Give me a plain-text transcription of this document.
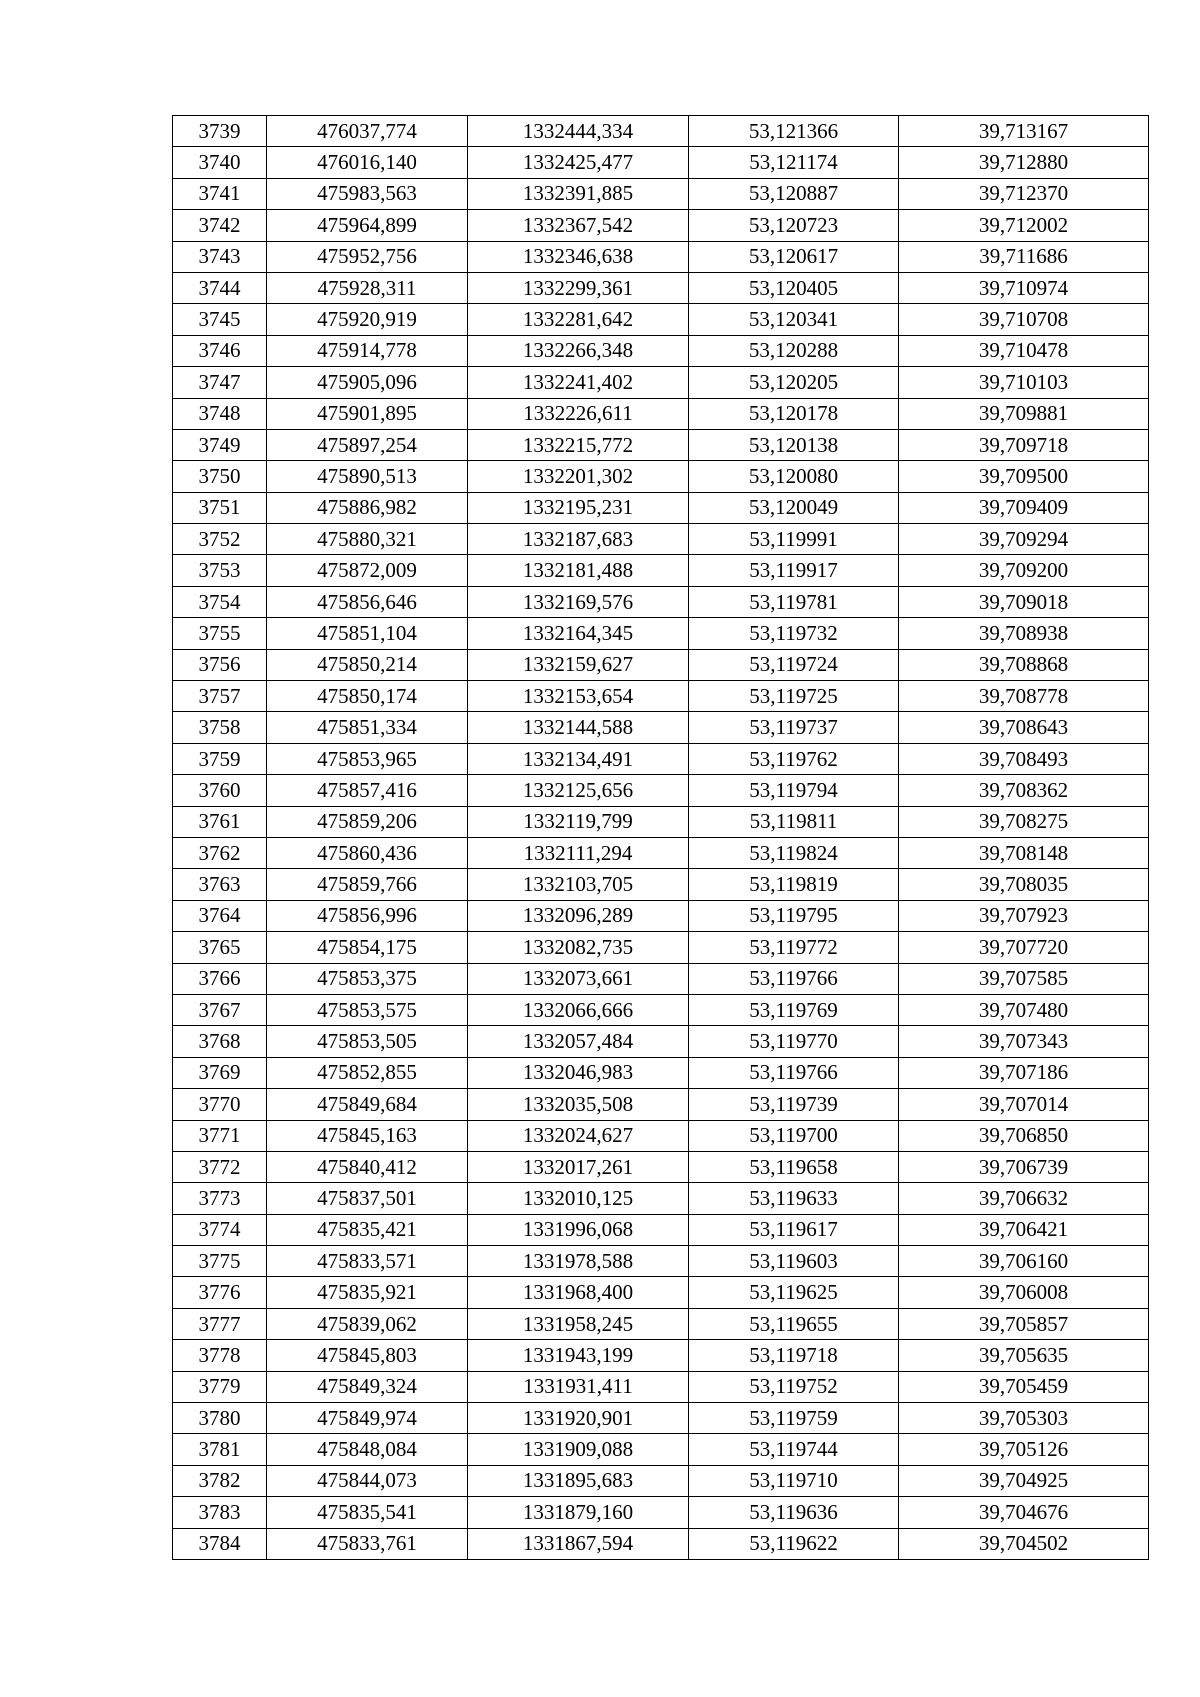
3739	476037,774	1332444,334	53,121366	39,713167
3740	476016,140	1332425,477	53,121174	39,712880
3741	475983,563	1332391,885	53,120887	39,712370
3742	475964,899	1332367,542	53,120723	39,712002
3743	475952,756	1332346,638	53,120617	39,711686
3744	475928,311	1332299,361	53,120405	39,710974
3745	475920,919	1332281,642	53,120341	39,710708
3746	475914,778	1332266,348	53,120288	39,710478
3747	475905,096	1332241,402	53,120205	39,710103
3748	475901,895	1332226,611	53,120178	39,709881
3749	475897,254	1332215,772	53,120138	39,709718
3750	475890,513	1332201,302	53,120080	39,709500
3751	475886,982	1332195,231	53,120049	39,709409
3752	475880,321	1332187,683	53,119991	39,709294
3753	475872,009	1332181,488	53,119917	39,709200
3754	475856,646	1332169,576	53,119781	39,709018
3755	475851,104	1332164,345	53,119732	39,708938
3756	475850,214	1332159,627	53,119724	39,708868
3757	475850,174	1332153,654	53,119725	39,708778
3758	475851,334	1332144,588	53,119737	39,708643
3759	475853,965	1332134,491	53,119762	39,708493
3760	475857,416	1332125,656	53,119794	39,708362
3761	475859,206	1332119,799	53,119811	39,708275
3762	475860,436	1332111,294	53,119824	39,708148
3763	475859,766	1332103,705	53,119819	39,708035
3764	475856,996	1332096,289	53,119795	39,707923
3765	475854,175	1332082,735	53,119772	39,707720
3766	475853,375	1332073,661	53,119766	39,707585
3767	475853,575	1332066,666	53,119769	39,707480
3768	475853,505	1332057,484	53,119770	39,707343
3769	475852,855	1332046,983	53,119766	39,707186
3770	475849,684	1332035,508	53,119739	39,707014
3771	475845,163	1332024,627	53,119700	39,706850
3772	475840,412	1332017,261	53,119658	39,706739
3773	475837,501	1332010,125	53,119633	39,706632
3774	475835,421	1331996,068	53,119617	39,706421
3775	475833,571	1331978,588	53,119603	39,706160
3776	475835,921	1331968,400	53,119625	39,706008
3777	475839,062	1331958,245	53,119655	39,705857
3778	475845,803	1331943,199	53,119718	39,705635
3779	475849,324	1331931,411	53,119752	39,705459
3780	475849,974	1331920,901	53,119759	39,705303
3781	475848,084	1331909,088	53,119744	39,705126
3782	475844,073	1331895,683	53,119710	39,704925
3783	475835,541	1331879,160	53,119636	39,704676
3784	475833,761	1331867,594	53,119622	39,704502
